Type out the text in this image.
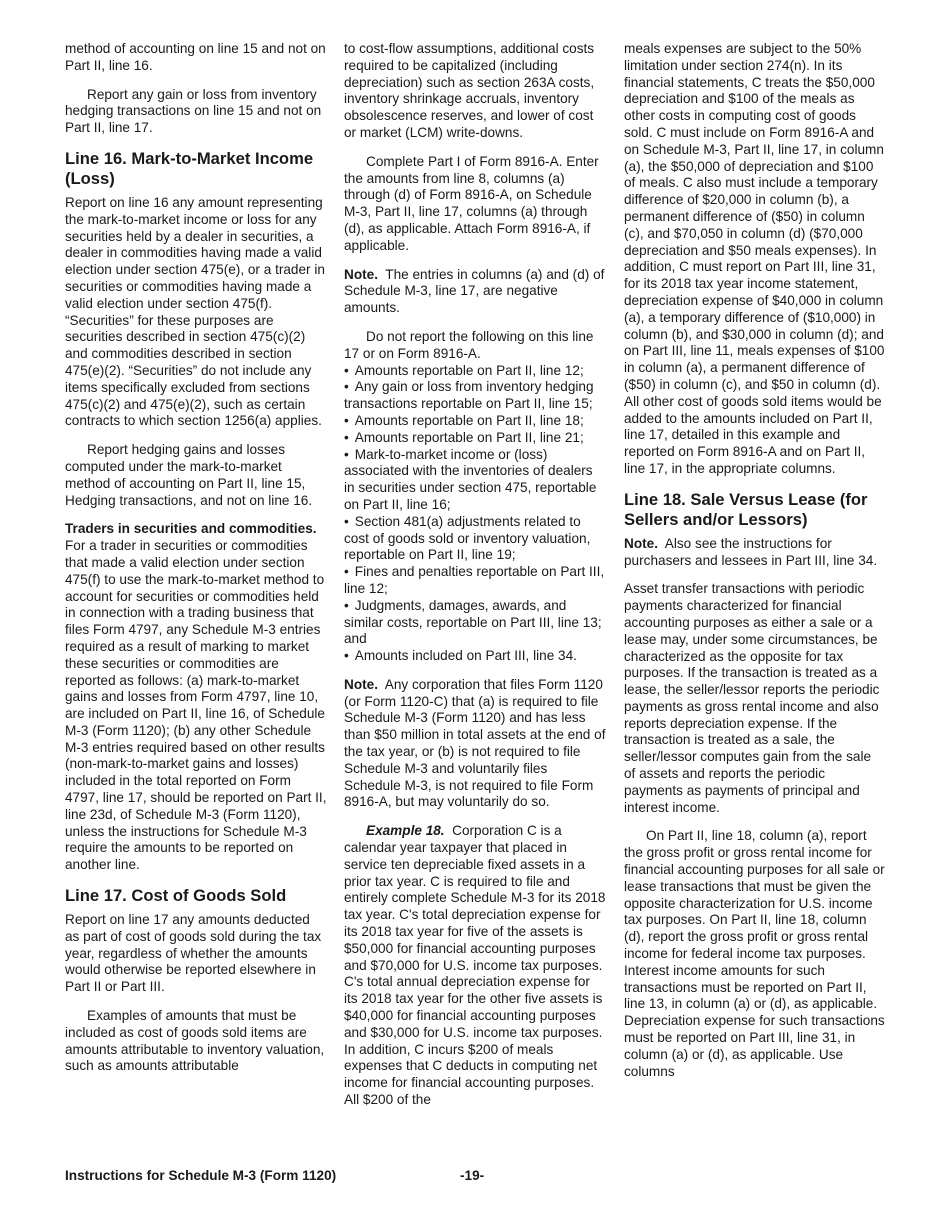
method of accounting on line 15 and not on Part II, line 16.

Report any gain or loss from inventory hedging transactions on line 15 and not on Part II, line 17.

Line 16. Mark-to-Market Income (Loss)

Report on line 16 any amount representing the mark-to-market income or loss for any securities held by a dealer in securities, a dealer in commodities having made a valid election under section 475(e), or a trader in securities or commodities having made a valid election under section 475(f). “Securities” for these purposes are securities described in section 475(c)(2) and commodities described in section 475(e)(2). “Securities” do not include any items specifically excluded from sections 475(c)(2) and 475(e)(2), such as certain contracts to which section 1256(a) applies.

Report hedging gains and losses computed under the mark-to-market method of accounting on Part II, line 15, Hedging transactions, and not on line 16.

Traders in securities and commodities. For a trader in securities or commodities that made a valid election under section 475(f) to use the mark-to-market method to account for securities or commodities held in connection with a trading business that files Form 4797, any Schedule M-3 entries required as a result of marking to market these securities or commodities are reported as follows: (a) mark-to-market gains and losses from Form 4797, line 10, are included on Part II, line 16, of Schedule M-3 (Form 1120); (b) any other Schedule M-3 entries required based on other results (non-mark-to-market gains and losses) included in the total reported on Form 4797, line 17, should be reported on Part II, line 23d, of Schedule M-3 (Form 1120), unless the instructions for Schedule M-3 require the amounts to be reported on another line.

Line 17. Cost of Goods Sold

Report on line 17 any amounts deducted as part of cost of goods sold during the tax year, regardless of whether the amounts would otherwise be reported elsewhere in Part II or Part III.

Examples of amounts that must be included as cost of goods sold items are amounts attributable to inventory valuation, such as amounts attributable

to cost-flow assumptions, additional costs required to be capitalized (including depreciation) such as section 263A costs, inventory shrinkage accruals, inventory obsolescence reserves, and lower of cost or market (LCM) write-downs.

Complete Part I of Form 8916-A. Enter the amounts from line 8, columns (a) through (d) of Form 8916-A, on Schedule M-3, Part II, line 17, columns (a) through (d), as applicable. Attach Form 8916-A, if applicable.

Note. The entries in columns (a) and (d) of Schedule M-3, line 17, are negative amounts.

Do not report the following on this line 17 or on Form 8916-A.

• Amounts reportable on Part II, line 12;
• Any gain or loss from inventory hedging transactions reportable on Part II, line 15;
• Amounts reportable on Part II, line 18;
• Amounts reportable on Part II, line 21;
• Mark-to-market income or (loss) associated with the inventories of dealers in securities under section 475, reportable on Part II, line 16;
• Section 481(a) adjustments related to cost of goods sold or inventory valuation, reportable on Part II, line 19;
• Fines and penalties reportable on Part III, line 12;
• Judgments, damages, awards, and similar costs, reportable on Part III, line 13; and
• Amounts included on Part III, line 34.

Note. Any corporation that files Form 1120 (or Form 1120-C) that (a) is required to file Schedule M-3 (Form 1120) and has less than $50 million in total assets at the end of the tax year, or (b) is not required to file Schedule M-3 and voluntarily files Schedule M-3, is not required to file Form 8916-A, but may voluntarily do so.

Example 18. Corporation C is a calendar year taxpayer that placed in service ten depreciable fixed assets in a prior tax year. C is required to file and entirely complete Schedule M-3 for its 2018 tax year. C's total depreciation expense for its 2018 tax year for five of the assets is $50,000 for financial accounting purposes and $70,000 for U.S. income tax purposes. C's total annual depreciation expense for its 2018 tax year for the other five assets is $40,000 for financial accounting purposes and $30,000 for U.S. income tax purposes. In addition, C incurs $200 of meals expenses that C deducts in computing net income for financial accounting purposes. All $200 of the

meals expenses are subject to the 50% limitation under section 274(n). In its financial statements, C treats the $50,000 depreciation and $100 of the meals as other costs in computing cost of goods sold. C must include on Form 8916-A and on Schedule M-3, Part II, line 17, in column (a), the $50,000 of depreciation and $100 of meals. C also must include a temporary difference of $20,000 in column (b), a permanent difference of ($50) in column (c), and $70,050 in column (d) ($70,000 depreciation and $50 meals expenses). In addition, C must report on Part III, line 31, for its 2018 tax year income statement, depreciation expense of $40,000 in column (a), a temporary difference of ($10,000) in column (b), and $30,000 in column (d); and on Part III, line 11, meals expenses of $100 in column (a), a permanent difference of ($50) in column (c), and $50 in column (d). All other cost of goods sold items would be added to the amounts included on Part II, line 17, detailed in this example and reported on Form 8916-A and on Part II, line 17, in the appropriate columns.

Line 18. Sale Versus Lease (for Sellers and/or Lessors)

Note. Also see the instructions for purchasers and lessees in Part III, line 34.

Asset transfer transactions with periodic payments characterized for financial accounting purposes as either a sale or a lease may, under some circumstances, be characterized as the opposite for tax purposes. If the transaction is treated as a lease, the seller/lessor reports the periodic payments as gross rental income and also reports depreciation expense. If the transaction is treated as a sale, the seller/lessor computes gain from the sale of assets and reports the periodic payments as payments of principal and interest income.

On Part II, line 18, column (a), report the gross profit or gross rental income for financial accounting purposes for all sale or lease transactions that must be given the opposite characterization for U.S. income tax purposes. On Part II, line 18, column (d), report the gross profit or gross rental income for federal income tax purposes. Interest income amounts for such transactions must be reported on Part II, line 13, in column (a) or (d), as applicable. Depreciation expense for such transactions must be reported on Part III, line 31, in column (a) or (d), as applicable. Use columns

Instructions for Schedule M-3 (Form 1120)	-19-
